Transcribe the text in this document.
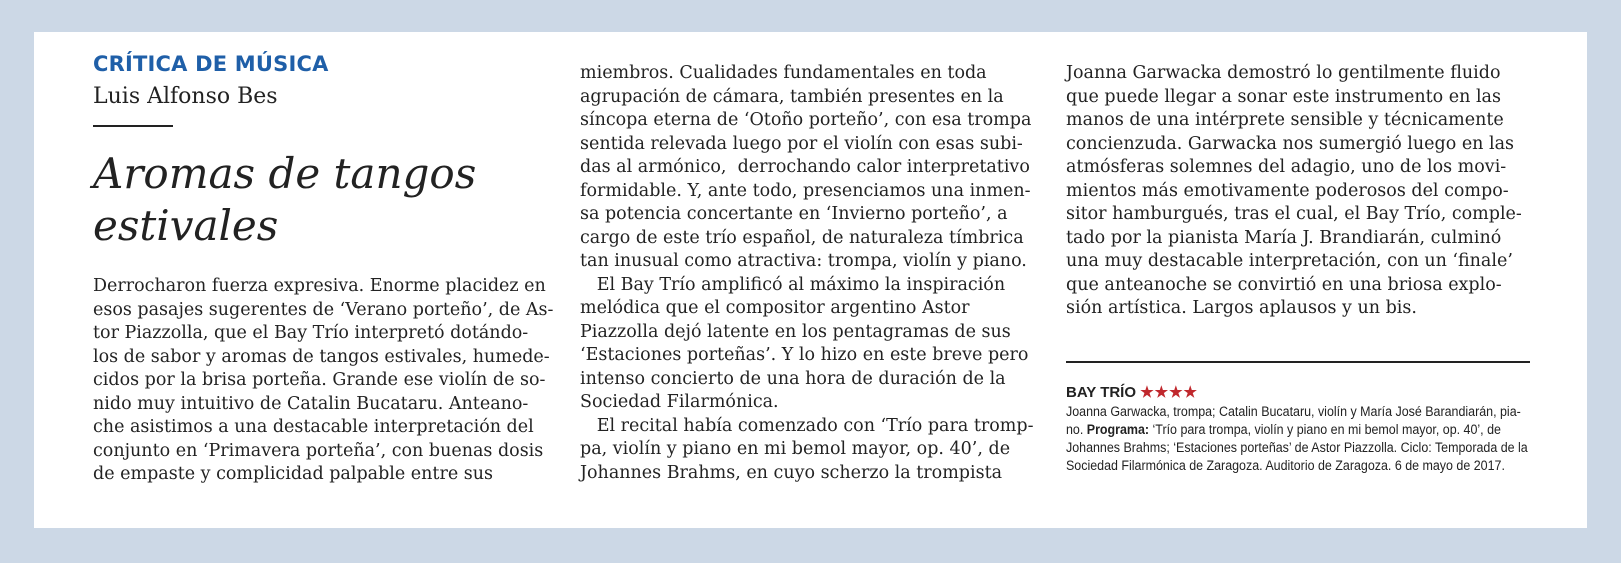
CRÍTICA DE MÚSICA
Luis Alfonso Bes
Aromas de tangos
estivales
Derrocharon fuerza expresiva. Enorme placidez en
esos pasajes sugerentes de ‘Verano porteño’, de As-
tor Piazzolla, que el Bay Trío interpretó dotándo-
los de sabor y aromas de tangos estivales, humede-
cidos por la brisa porteña. Grande ese violín de so-
nido muy intuitivo de Catalin Bucataru. Anteano-
che asistimos a una destacable interpretación del
conjunto en ‘Primavera porteña’, con buenas dosis
de empaste y complicidad palpable entre sus
miembros. Cualidades fundamentales en toda
agrupación de cámara, también presentes en la
síncopa eterna de ‘Otoño porteño’, con esa trompa
sentida relevada luego por el violín con esas subi-
das al armónico,  derrochando calor interpretativo
formidable. Y, ante todo, presenciamos una inmen-
sa potencia concertante en ‘Invierno porteño’, a
cargo de este trío español, de naturaleza tímbrica
tan inusual como atractiva: trompa, violín y piano.
El Bay Trío amplificó al máximo la inspiración
melódica que el compositor argentino Astor
Piazzolla dejó latente en los pentagramas de sus
‘Estaciones porteñas’. Y lo hizo en este breve pero
intenso concierto de una hora de duración de la
Sociedad Filarmónica.
El recital había comenzado con ‘Trío para tromp-
pa, violín y piano en mi bemol mayor, op. 40’, de
Johannes Brahms, en cuyo scherzo la trompista
Joanna Garwacka demostró lo gentilmente fluido
que puede llegar a sonar este instrumento en las
manos de una intérprete sensible y técnicamente
concienzuda. Garwacka nos sumergió luego en las
atmósferas solemnes del adagio, uno de los movi-
mientos más emotivamente poderosos del compo-
sitor hamburgués, tras el cual, el Bay Trío, comple-
tado por la pianista María J. Brandiarán, culminó
una muy destacable interpretación, con un ‘finale’
que anteanoche se convirtió en una briosa explo-
sión artística. Largos aplausos y un bis.
BAY TRÍO ★★★★
Joanna Garwacka, trompa; Catalin Bucataru, violín y María José Barandiarán, pia-
no. Programa: ‘Trío para trompa, violín y piano en mi bemol mayor, op. 40’, de
Johannes Brahms; ‘Estaciones porteñas’ de Astor Piazzolla. Ciclo: Temporada de la
Sociedad Filarmónica de Zaragoza. Auditorio de Zaragoza. 6 de mayo de 2017.
